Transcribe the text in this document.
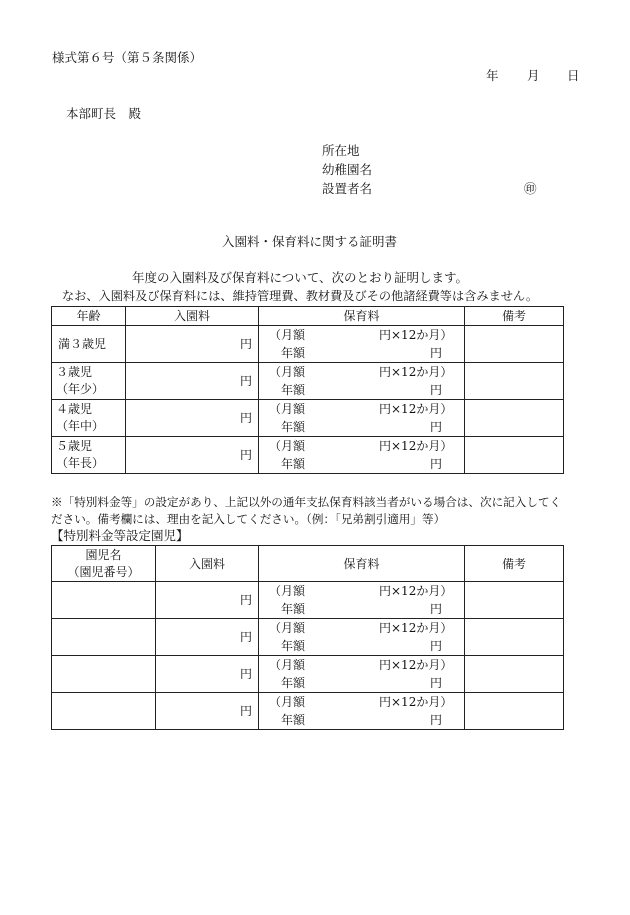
様式第６号（第５条関係）
年 月 日
本部町長　殿
所在地
幼稚園名
設置者名	㊞
入園料・保育料に関する証明書
年度の入園料及び保育料について、次のとおり証明します。
なお、入園料及び保育料には、維持管理費、教材費及びその他諸経費等は含みません。
年齢	入園料	保育料	備考
満３歳児	円	（月額 円×12か月）
年額 円	

３歳児
（年少）	円	（月額 円×12か月）
年額 円	

４歳児
（年中）	円	（月額 円×12か月）
年額 円	

５歳児
（年長）	円	（月額 円×12か月）
年額 円	

※「特別料金等」の設定があり、上記以外の通年支払保育料該当者がいる場合は、次に記入してく
ださい。備考欄には、理由を記入してください。（例：「兄弟割引適用」等）
【特別料金等設定園児】
園児名
（園児番号）	入園料	保育料	備考
	円	（月額 円×12か月）
年額 円	

	円	（月額 円×12か月）
年額 円	

	円	（月額 円×12か月）
年額 円	

	円	（月額 円×12か月）
年額 円	
